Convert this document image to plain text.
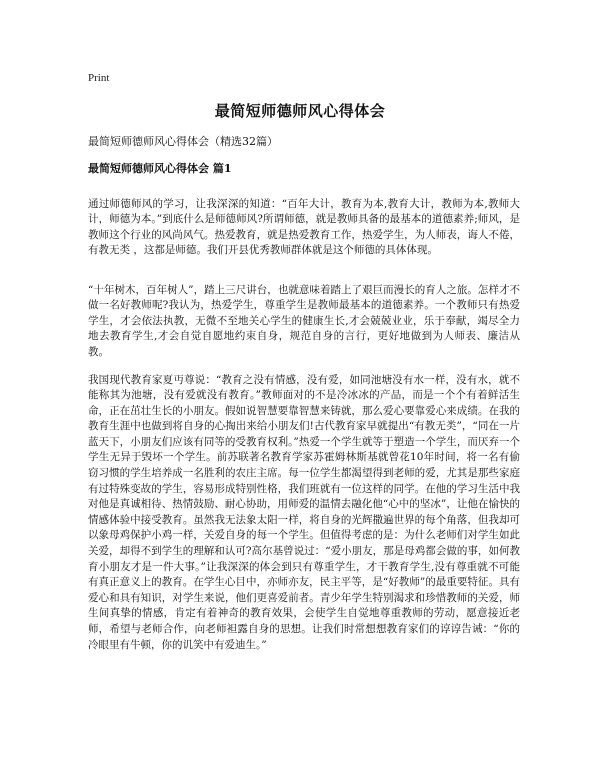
Print
最简短师德师风心得体会
最简短师德师风心得体会（精选32篇）
最简短师德师风心得体会 篇1

通过师德师风的学习，让我深深的知道：“百年大计，教育为本,教育大计，教师为本,教师大计，师德为本。”到底什么是师德师风?所谓师德，就是教师具备的最基本的道德素养;师风，是教师这个行业的风尚风气。热爱教育，就是热爱教育工作，热爱学生，为人师表，诲人不倦，有教无类 ，这都是师德。我们开县优秀教师群体就是这个师德的具体体现。

“十年树木，百年树人”，踏上三尺讲台，也就意味着踏上了艰巨而漫长的育人之旅。怎样才不做一名好教师呢?我认为，热爱学生，尊重学生是教师最基本的道德素养。一个教师只有热爱学生，才会依法执教，无微不至地关心学生的健康生长,才会兢兢业业，乐于奉献，竭尽全力地去教育学生,才会自觉自愿地约束自身，规范自身的言行，更好地做到为人师表、廉洁从教。

我国现代教育家夏丏尊说：“教育之没有情感，没有爱，如同池塘没有水一样，没有水，就不能称其为池塘，没有爱就没有教育。”教师面对的不是冷冰冰的产品，而是一个个有着鲜活生命，正在茁壮生长的小朋友。假如说智慧要靠智慧来铸就，那么爱心要靠爱心来成绩。在我的教育生涯中也做到将自身的心掏出来给小朋友们!古代教育家早就提出“有教无类”，“同在一片蓝天下，小朋友们应该有同等的受教育权利。”热爱一个学生就等于塑造一个学生，而厌弃一个学生无异于毁坏一个学生。前苏联著名教育学家苏霍姆林斯基就曾花10年时间，将一名有偷窃习惯的学生培养成一名胜利的农庄主席。每一位学生都渴望得到老师的爱，尤其是那些家庭有过特殊变故的学生，容易形成特别性格，我们班就有一位这样的同学。在他的学习生活中我对他是真诚相待、热情鼓励、耐心协助，用师爱的温情去融化他“心中的坚冰”，让他在愉快的情感体验中接受教育。虽然我无法象太阳一样，将自身的光辉撒遍世界的每个角落，但我却可以象母鸡保护小鸡一样，关爱自身的每一个学生。但值得考虑的是：为什么老师们对学生如此关爱，却得不到学生的理解和认可?高尔基曾说过：“爱小朋友，那是母鸡都会做的事，如何教育小朋友才是一件大事。”让我深深的体会到只有尊重学生，才干教育学生,没有尊重就不可能有真正意义上的教育。在学生心目中，亦师亦友，民主平等，是“好教师”的最重要特征。具有爱心和具有知识，对学生来说，他们更喜爱前者。青少年学生特别渴求和珍惜教师的关爱，师生间真挚的情感，肯定有着神奇的教育效果，会使学生自觉地尊重教师的劳动，愿意接近老师，希望与老师合作，向老师袒露自身的思想。让我们时常想想教育家们的谆谆告诫：“你的冷眼里有牛顿，你的讥笑中有爱迪生。”
